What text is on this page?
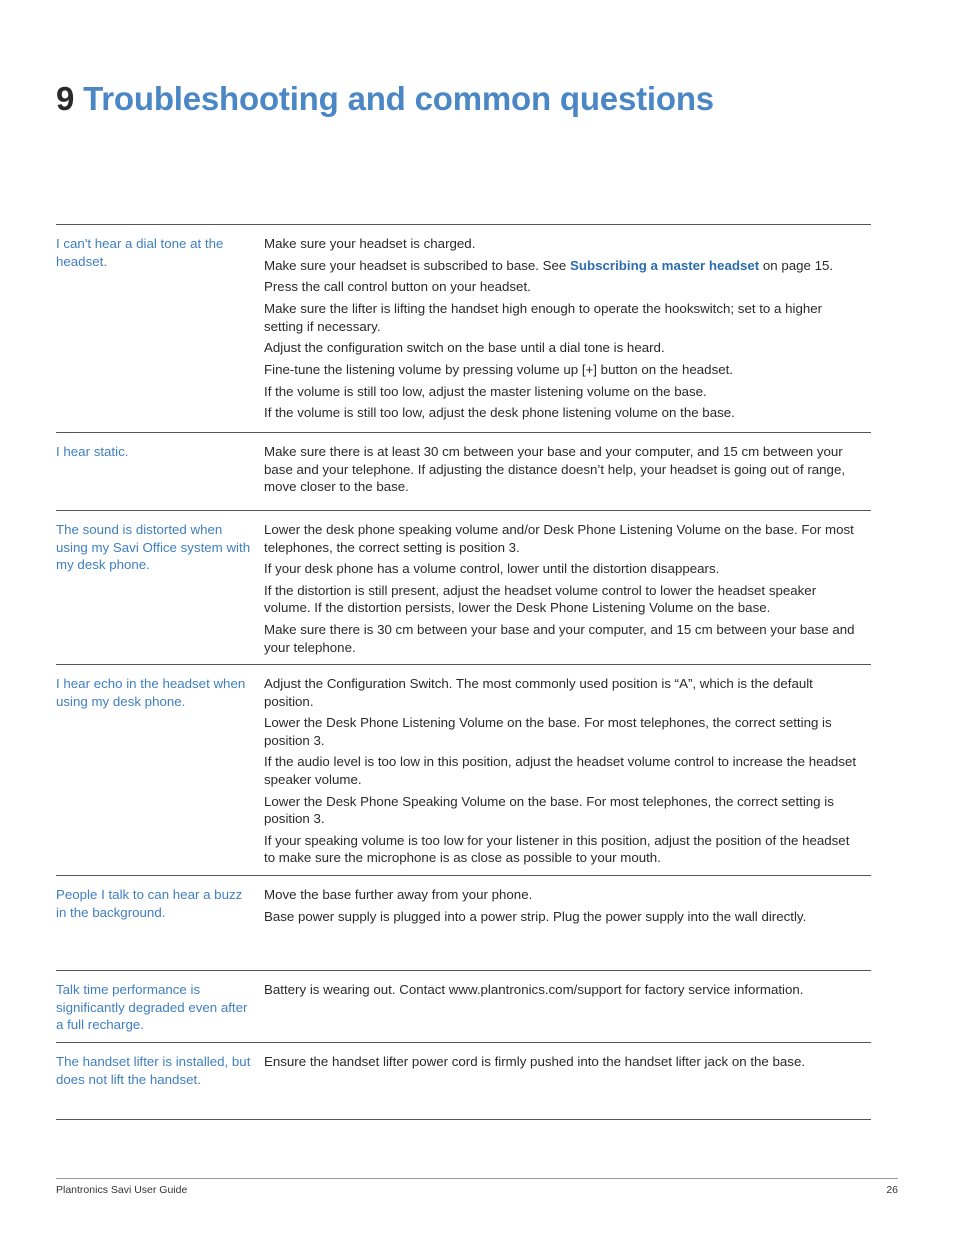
9 Troubleshooting and common questions
I can't hear a dial tone at the headset.

Make sure your headset is charged.

Make sure your headset is subscribed to base. See Subscribing a master headset on page 15.

Press the call control button on your headset.

Make sure the lifter is lifting the handset high enough to operate the hookswitch; set to a higher setting if necessary.

Adjust the configuration switch on the base until a dial tone is heard.

Fine-tune the listening volume by pressing volume up [+] button on the headset.

If the volume is still too low, adjust the master listening volume on the base.

If the volume is still too low, adjust the desk phone listening volume on the base.

I hear static.	Make sure there is at least 30 cm between your base and your computer, and 15 cm between your base and your telephone. If adjusting the distance doesn’t help, your headset is going out of range, move closer to the base.

The sound is distorted when using my Savi Office system with my desk phone.

Lower the desk phone speaking volume and/or Desk Phone Listening Volume on the base. For most telephones, the correct setting is position 3.

If your desk phone has a volume control, lower until the distortion disappears.

If the distortion is still present, adjust the headset volume control to lower the headset speaker volume. If the distortion persists, lower the Desk Phone Listening Volume on the base.

Make sure there is 30 cm between your base and your computer, and 15 cm between your base and your telephone.

I hear echo in the headset when using my desk phone.

Adjust the Configuration Switch. The most commonly used position is “A”, which is the default position.

Lower the Desk Phone Listening Volume on the base. For most telephones, the correct setting is position 3.

If the audio level is too low in this position, adjust the headset volume control to increase the headset speaker volume.

Lower the Desk Phone Speaking Volume on the base. For most telephones, the correct setting is position 3.

If your speaking volume is too low for your listener in this position, adjust the position of the headset to make sure the microphone is as close as possible to your mouth.

People I talk to can hear a buzz in the background.

Move the base further away from your phone.

Base power supply is plugged into a power strip. Plug the power supply into the wall directly.

Talk time performance is significantly degraded even after a full recharge.

Battery is wearing out. Contact www.plantronics.com/support for factory service information.

The handset lifter is installed, but does not lift the handset.

Ensure the handset lifter power cord is firmly pushed into the handset lifter jack on the base.

Plantronics Savi User Guide	26
